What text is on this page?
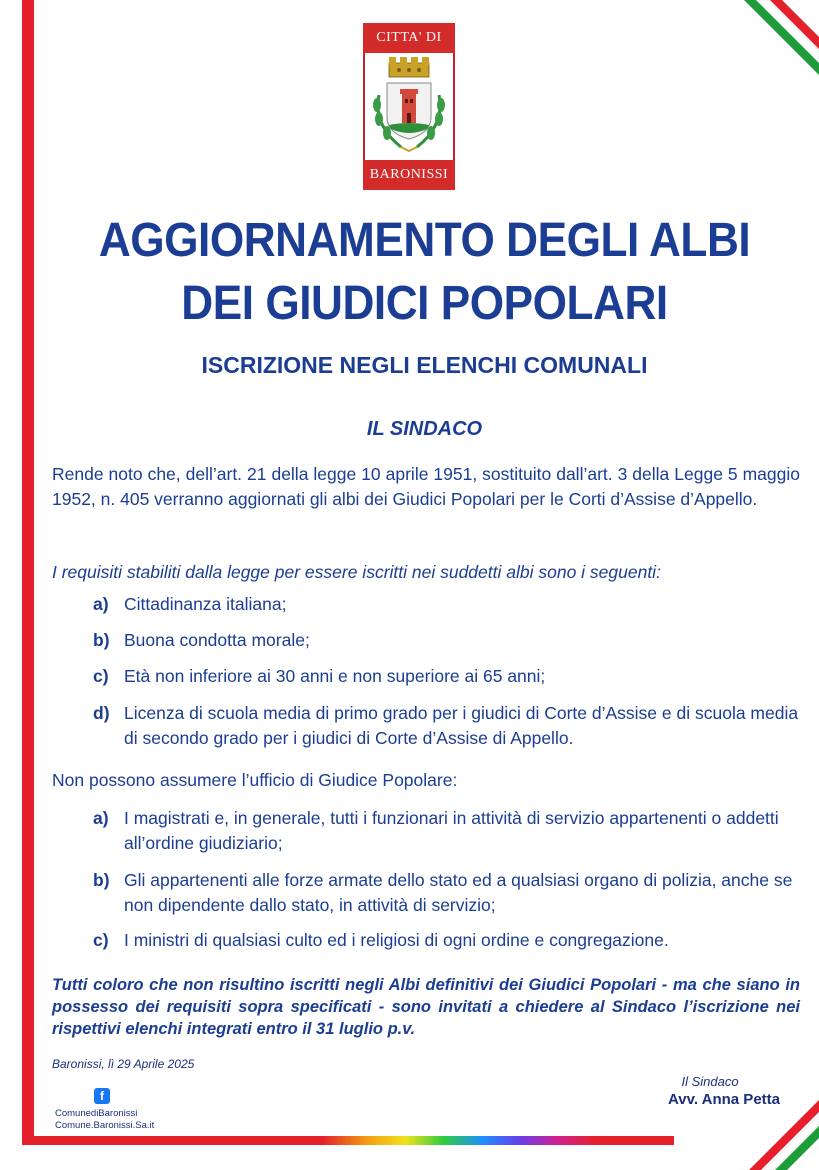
CITTA' DI
BARONISSI
AGGIORNAMENTO DEGLI ALBI
DEI GIUDICI POPOLARI
ISCRIZIONE NEGLI ELENCHI COMUNALI
IL SINDACO
Rende noto che, dell’art. 21 della legge 10 aprile 1951, sostituito dall’art. 3 della Legge 5 maggio 1952, n. 405 verranno aggiornati gli albi dei Giudici Popolari per le Corti d’Assise d’Appello.
I requisiti stabiliti dalla legge per essere iscritti nei suddetti albi sono i seguenti:
a) Cittadinanza italiana;
b) Buona condotta morale;
c) Età non inferiore ai 30 anni e non superiore ai 65 anni;
d) Licenza di scuola media di primo grado per i giudici di Corte d’Assise e di scuola media di secondo grado per i giudici di Corte d’Assise di Appello.
Non possono assumere l’ufficio di Giudice Popolare:
a) I magistrati e, in generale, tutti i funzionari in attività di servizio appartenenti o addetti all’ordine giudiziario;
b) Gli appartenenti alle forze armate dello stato ed a qualsiasi organo di polizia, anche se non dipendente dallo stato, in attività di servizio;
c) I ministri di qualsiasi culto ed i religiosi di ogni ordine e congregazione.
Tutti coloro che non risultino iscritti negli Albi definitivi dei Giudici Popolari - ma che siano in possesso dei requisiti sopra specificati - sono invitati a chiedere al Sindaco l’iscrizione nei rispettivi elenchi integrati entro il 31 luglio p.v.
Baronissi, lì 29 Aprile 2025
Il Sindaco
Avv. Anna Petta
f
ComunediBaronissi
Comune.Baronissi.Sa.it
